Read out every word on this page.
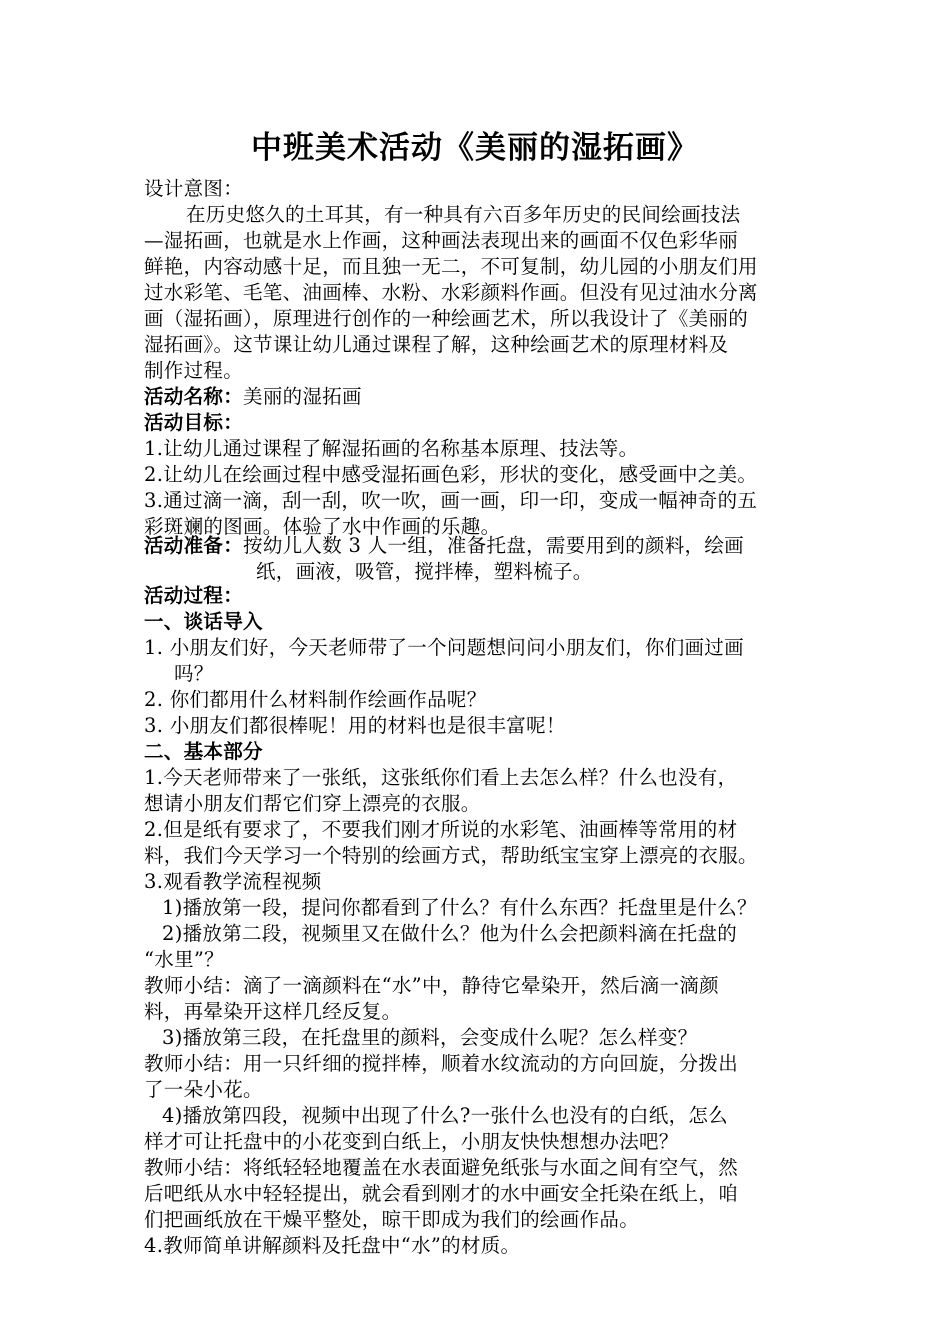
中班美术活动《美丽的湿拓画》
设计意图：
在历史悠久的土耳其，有一种具有六百多年历史的民间绘画技法
—湿拓画，也就是水上作画，这种画法表现出来的画面不仅色彩华丽
鲜艳，内容动感十足，而且独一无二，不可复制，幼儿园的小朋友们用
过水彩笔、毛笔、油画棒、水粉、水彩颜料作画。但没有见过油水分离
画（湿拓画），原理进行创作的一种绘画艺术，所以我设计了《美丽的
湿拓画》。这节课让幼儿通过课程了解，这种绘画艺术的原理材料及
制作过程。
活动名称：美丽的湿拓画
活动目标：
1.让幼儿通过课程了解湿拓画的名称基本原理、技法等。
2.让幼儿在绘画过程中感受湿拓画色彩，形状的变化，感受画中之美。
3.通过滴一滴，刮一刮，吹一吹，画一画，印一印，变成一幅神奇的五
彩斑斓的图画。体验了水中作画的乐趣。
活动准备：按幼儿人数 3 人一组，准备托盘，需要用到的颜料，绘画
纸，画液，吸管，搅拌棒，塑料梳子。
活动过程：
一、谈话导入
1. 小朋友们好，今天老师带了一个问题想问问小朋友们，你们画过画
吗？
2. 你们都用什么材料制作绘画作品呢？
3. 小朋友们都很棒呢！用的材料也是很丰富呢！
二、基本部分
1.今天老师带来了一张纸，这张纸你们看上去怎么样？什么也没有，
想请小朋友们帮它们穿上漂亮的衣服。
2.但是纸有要求了，不要我们刚才所说的水彩笔、油画棒等常用的材
料，我们今天学习一个特别的绘画方式，帮助纸宝宝穿上漂亮的衣服。
3.观看教学流程视频
1)播放第一段，提问你都看到了什么？有什么东西？托盘里是什么？
2)播放第二段，视频里又在做什么？他为什么会把颜料滴在托盘的
“水里”？
教师小结：滴了一滴颜料在“水”中，静待它晕染开，然后滴一滴颜
料，再晕染开这样几经反复。
3)播放第三段，在托盘里的颜料，会变成什么呢？怎么样变？
教师小结：用一只纤细的搅拌棒，顺着水纹流动的方向回旋，分拨出
了一朵小花。
4)播放第四段，视频中出现了什么?一张什么也没有的白纸，怎么
样才可让托盘中的小花变到白纸上，小朋友快快想想办法吧？
教师小结：将纸轻轻地覆盖在水表面避免纸张与水面之间有空气，然
后吧纸从水中轻轻提出，就会看到刚才的水中画安全托染在纸上，咱
们把画纸放在干燥平整处，晾干即成为我们的绘画作品。
4.教师简单讲解颜料及托盘中“水”的材质。
